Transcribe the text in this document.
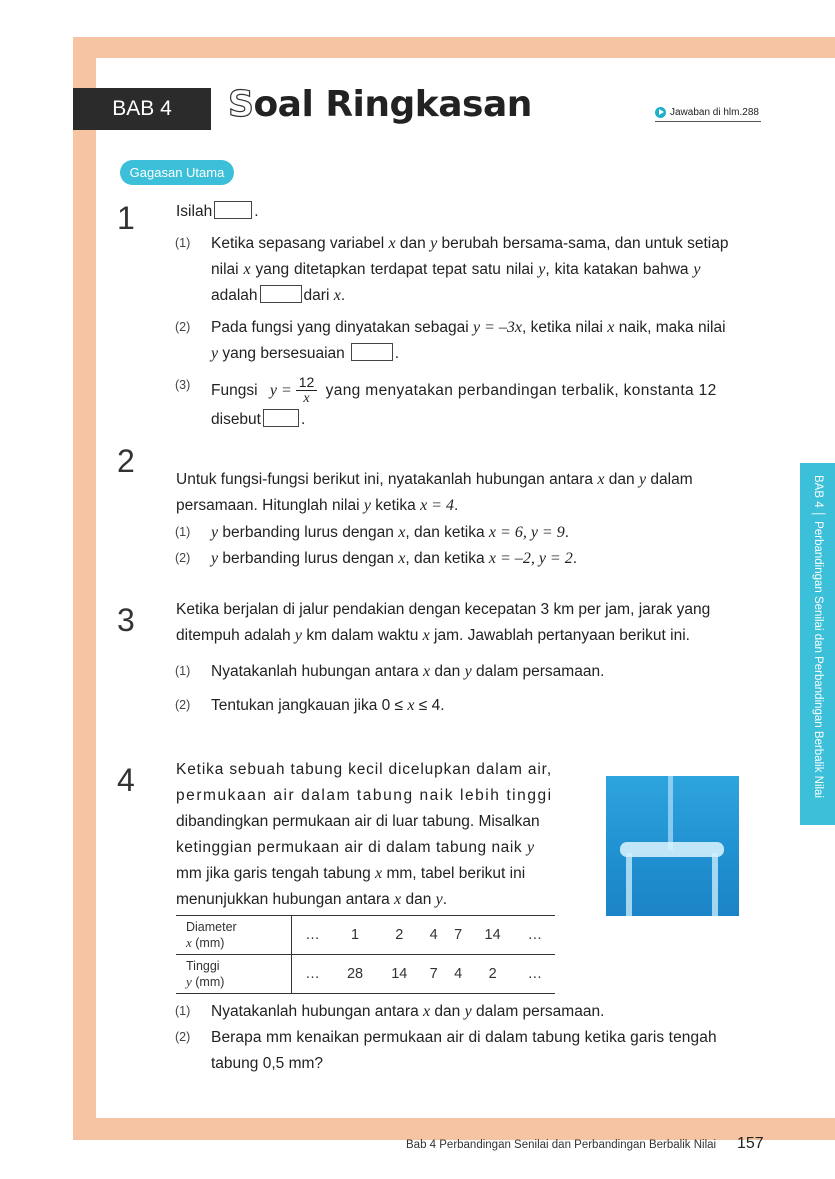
BAB 4 Soal Ringkasan	Jawaban di hlm.288
Gagasan Utama
1	Isilah	.
(1) Ketika sepasang variabel x dan y berubah bersama-sama, dan untuk setiap
nilai x yang ditetapkan terdapat tepat satu nilai y, kita katakan bahwa y
adalah	dari x.
(2) Pada fungsi yang dinyatakan sebagai y = –3x, ketika nilai x naik, maka nilai
y yang bersesuaian	.
(3) Fungsi $y = \frac{12}{x}$ yang menyatakan perbandingan terbalik, konstanta 12
disebut	.
2
Untuk fungsi-fungsi berikut ini, nyatakanlah hubungan antara x dan y dalam
persamaan. Hitunglah nilai y ketika x = 4.
(1) y berbanding lurus dengan x, dan ketika x = 6, y = 9.
(2) y berbanding lurus dengan x, dan ketika x = –2, y = 2.
3	Ketika berjalan di jalur pendakian dengan kecepatan 3 km per jam, jarak yang
ditempuh adalah y km dalam waktu x jam. Jawablah pertanyaan berikut ini.
(1) Nyatakanlah hubungan antara x dan y dalam persamaan.
(2) Tentukan jangkauan jika 0 ≤ x ≤ 4.
4	Ketika sebuah tabung kecil dicelupkan dalam air,
permukaan air dalam tabung naik lebih tinggi
dibandingkan permukaan air di luar tabung. Misalkan
ketinggian permukaan air di dalam tabung naik y
mm jika garis tengah tabung x mm, tabel berikut ini
menunjukkan hubungan antara x dan y.
Diameter
x (mm)	…	1	2	4	7	14	…
Tinggi
y (mm)	…	28	14	7	4	2	…
(1) Nyatakanlah hubungan antara x dan y dalam persamaan.
(2) Berapa mm kenaikan permukaan air di dalam tabung ketika garis tengah
tabung 0,5 mm?
BAB 4 │ Perbandingan Senilai dan Perbandingan Berbalik Nilai
Bab 4 Perbandingan Senilai dan Perbandingan Berbalik Nilai 157
